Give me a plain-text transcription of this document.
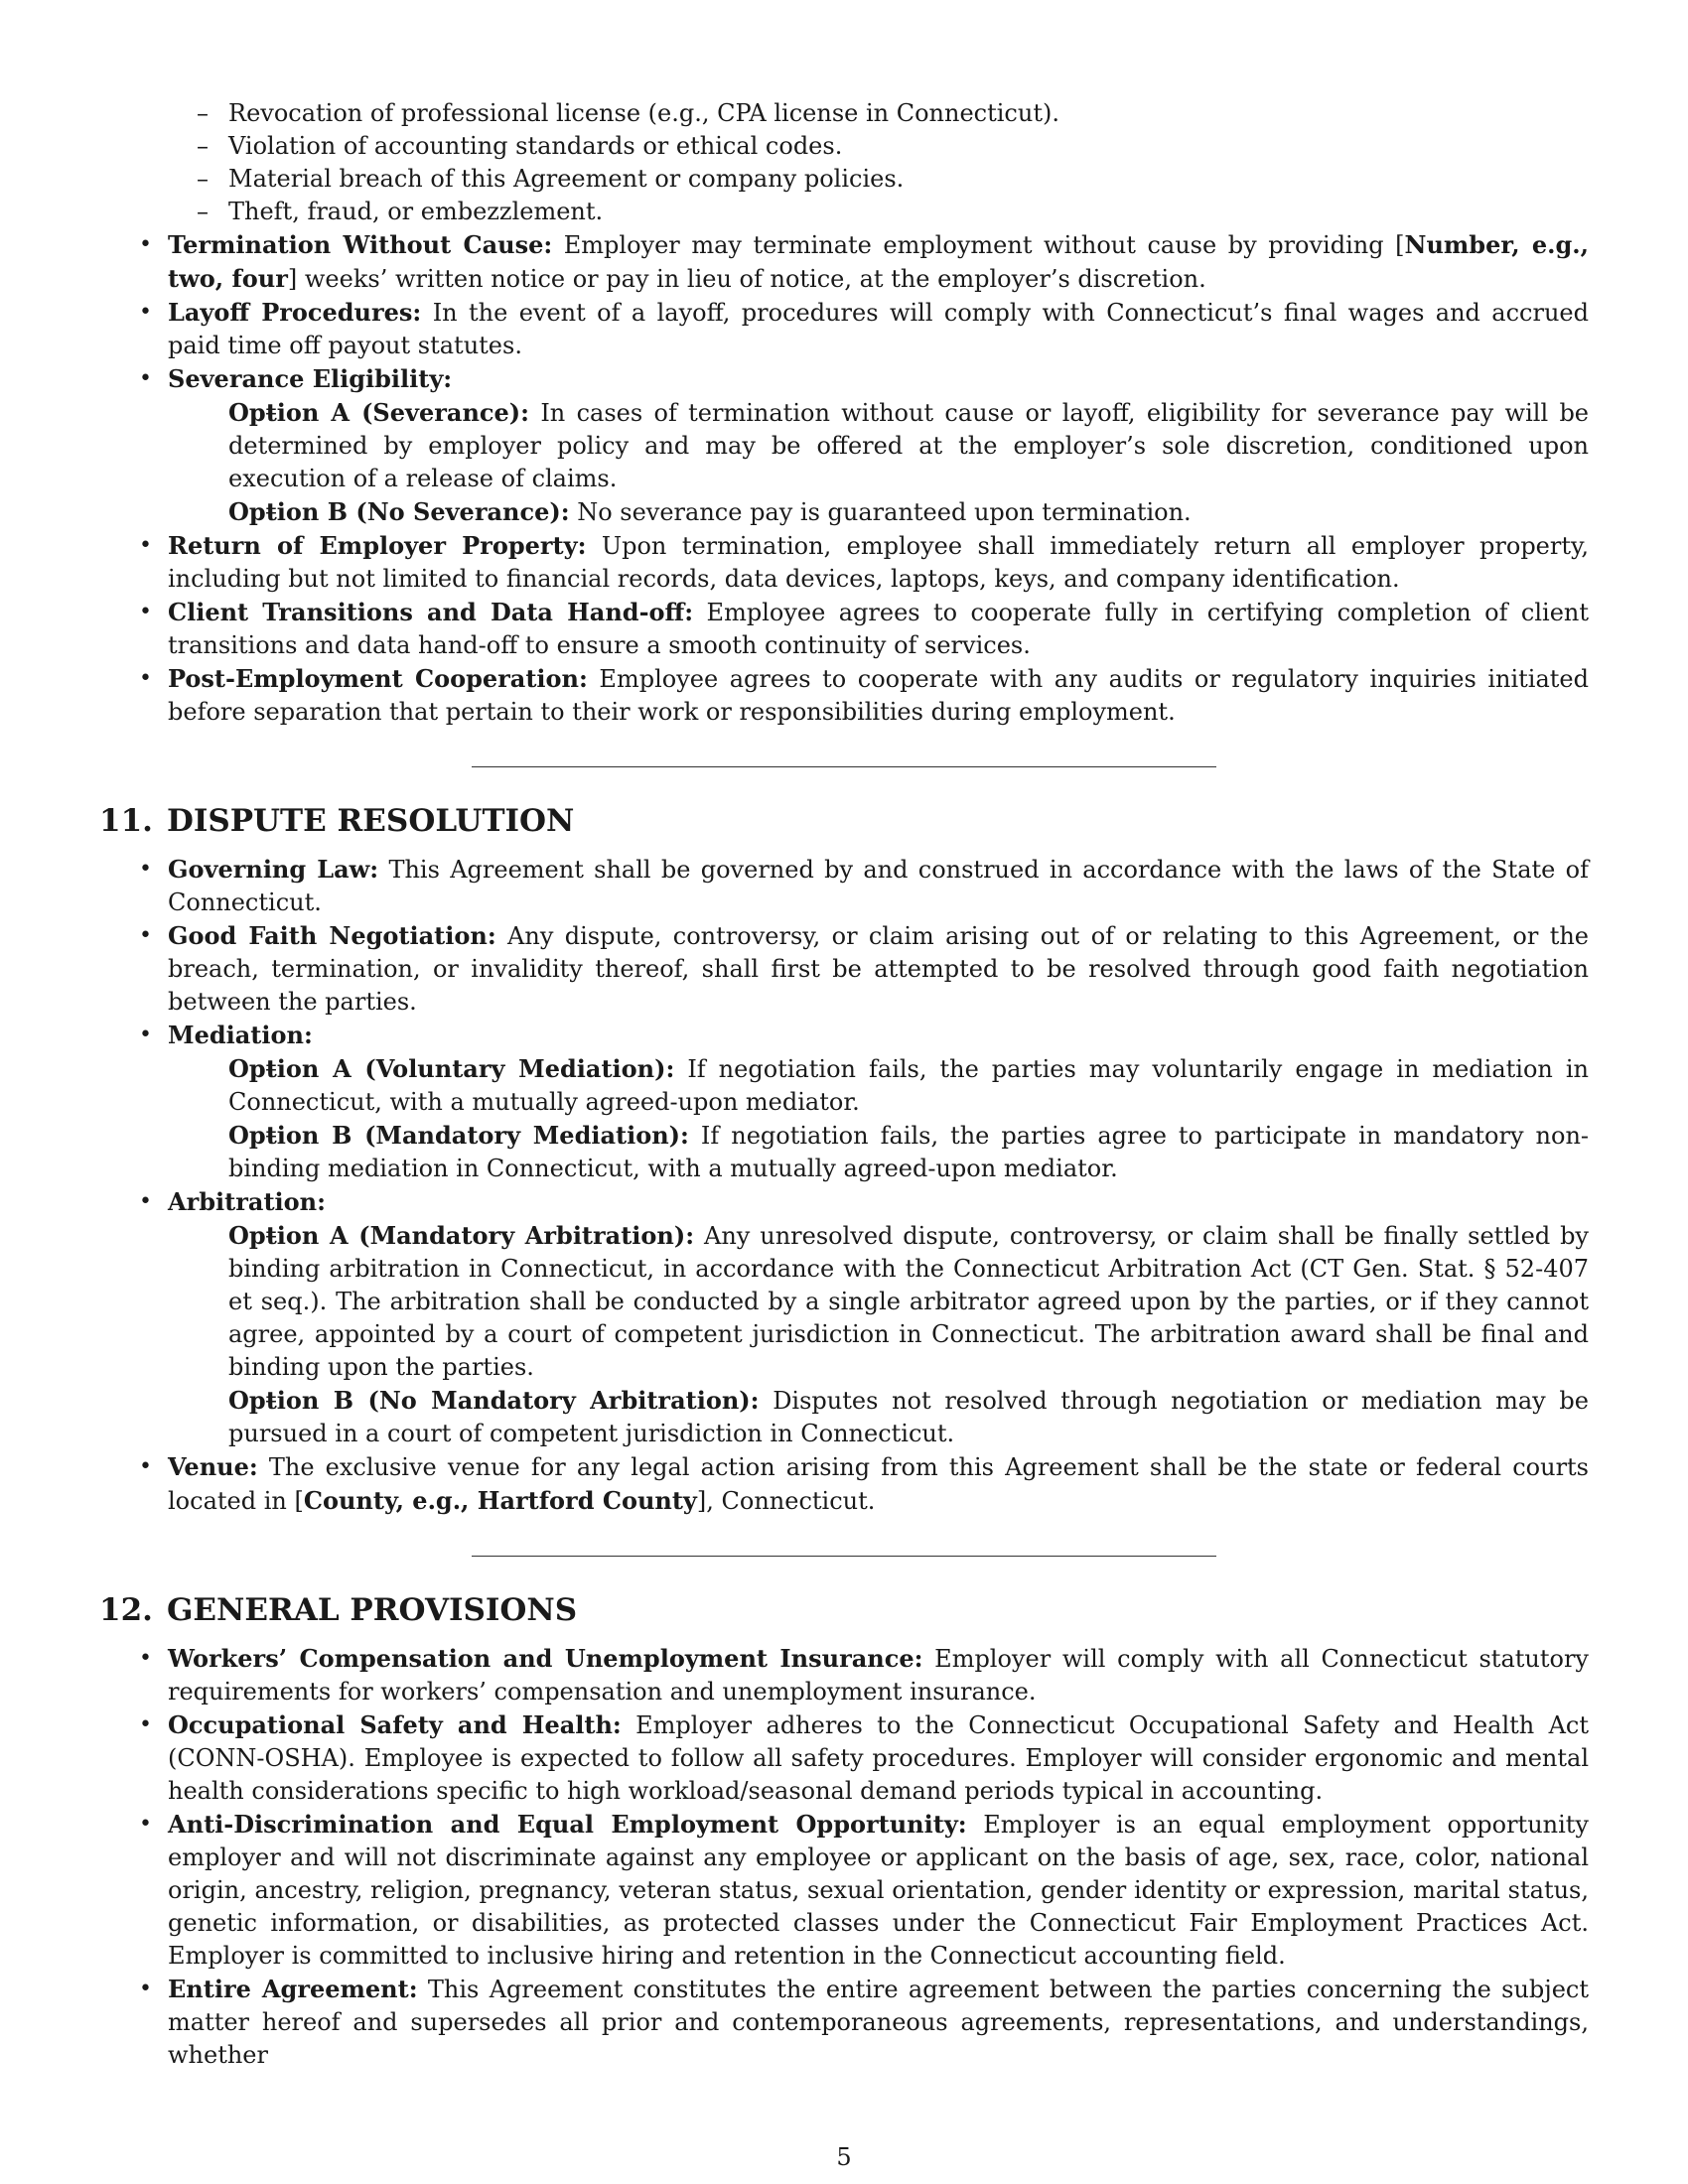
– Revocation of professional license (e.g., CPA license in Connecticut).
– Violation of accounting standards or ethical codes.
– Material breach of this Agreement or company policies.
– Theft, fraud, or embezzlement.
• Termination Without Cause: Employer may terminate employment without cause by providing [Number, e.g., two, four] weeks’ written notice or pay in lieu of notice, at the employer’s discretion.
• Layoff Procedures: In the event of a layoff, procedures will comply with Connecticut’s final wages and accrued paid time off payout statutes.
• Severance Eligibility:
– Option A (Severance): In cases of termination without cause or layoff, eligibility for severance pay will be determined by employer policy and may be offered at the employer’s sole discretion, conditioned upon execution of a release of claims.
– Option B (No Severance): No severance pay is guaranteed upon termination.
• Return of Employer Property: Upon termination, employee shall immediately return all employer property, including but not limited to financial records, data devices, laptops, keys, and company identification.
• Client Transitions and Data Hand-off: Employee agrees to cooperate fully in certifying completion of client transitions and data hand-off to ensure a smooth continuity of services.
• Post-Employment Cooperation: Employee agrees to cooperate with any audits or regulatory inquiries initiated before separation that pertain to their work or responsibilities during employment.
11. DISPUTE RESOLUTION
• Governing Law: This Agreement shall be governed by and construed in accordance with the laws of the State of Connecticut.
• Good Faith Negotiation: Any dispute, controversy, or claim arising out of or relating to this Agreement, or the breach, termination, or invalidity thereof, shall first be attempted to be resolved through good faith negotiation between the parties.
• Mediation:
– Option A (Voluntary Mediation): If negotiation fails, the parties may voluntarily engage in mediation in Connecticut, with a mutually agreed-upon mediator.
– Option B (Mandatory Mediation): If negotiation fails, the parties agree to participate in mandatory non-binding mediation in Connecticut, with a mutually agreed-upon mediator.
• Arbitration:
– Option A (Mandatory Arbitration): Any unresolved dispute, controversy, or claim shall be finally settled by binding arbitration in Connecticut, in accordance with the Connecticut Arbitration Act (CT Gen. Stat. § 52-407 et seq.). The arbitration shall be conducted by a single arbitrator agreed upon by the parties, or if they cannot agree, appointed by a court of competent jurisdiction in Connecticut. The arbitration award shall be final and binding upon the parties.
– Option B (No Mandatory Arbitration): Disputes not resolved through negotiation or mediation may be pursued in a court of competent jurisdiction in Connecticut.
• Venue: The exclusive venue for any legal action arising from this Agreement shall be the state or federal courts located in [County, e.g., Hartford County], Connecticut.
12. GENERAL PROVISIONS
• Workers’ Compensation and Unemployment Insurance: Employer will comply with all Connecticut statutory requirements for workers’ compensation and unemployment insurance.
• Occupational Safety and Health: Employer adheres to the Connecticut Occupational Safety and Health Act (CONN-OSHA). Employee is expected to follow all safety procedures. Employer will consider ergonomic and mental health considerations specific to high workload/seasonal demand periods typical in accounting.
• Anti-Discrimination and Equal Employment Opportunity: Employer is an equal employment opportunity employer and will not discriminate against any employee or applicant on the basis of age, sex, race, color, national origin, ancestry, religion, pregnancy, veteran status, sexual orientation, gender identity or expression, marital status, genetic information, or disabilities, as protected classes under the Connecticut Fair Employment Practices Act. Employer is committed to inclusive hiring and retention in the Connecticut accounting field.
• Entire Agreement: This Agreement constitutes the entire agreement between the parties concerning the subject matter hereof and supersedes all prior and contemporaneous agreements, representations, and understandings, whether
5
